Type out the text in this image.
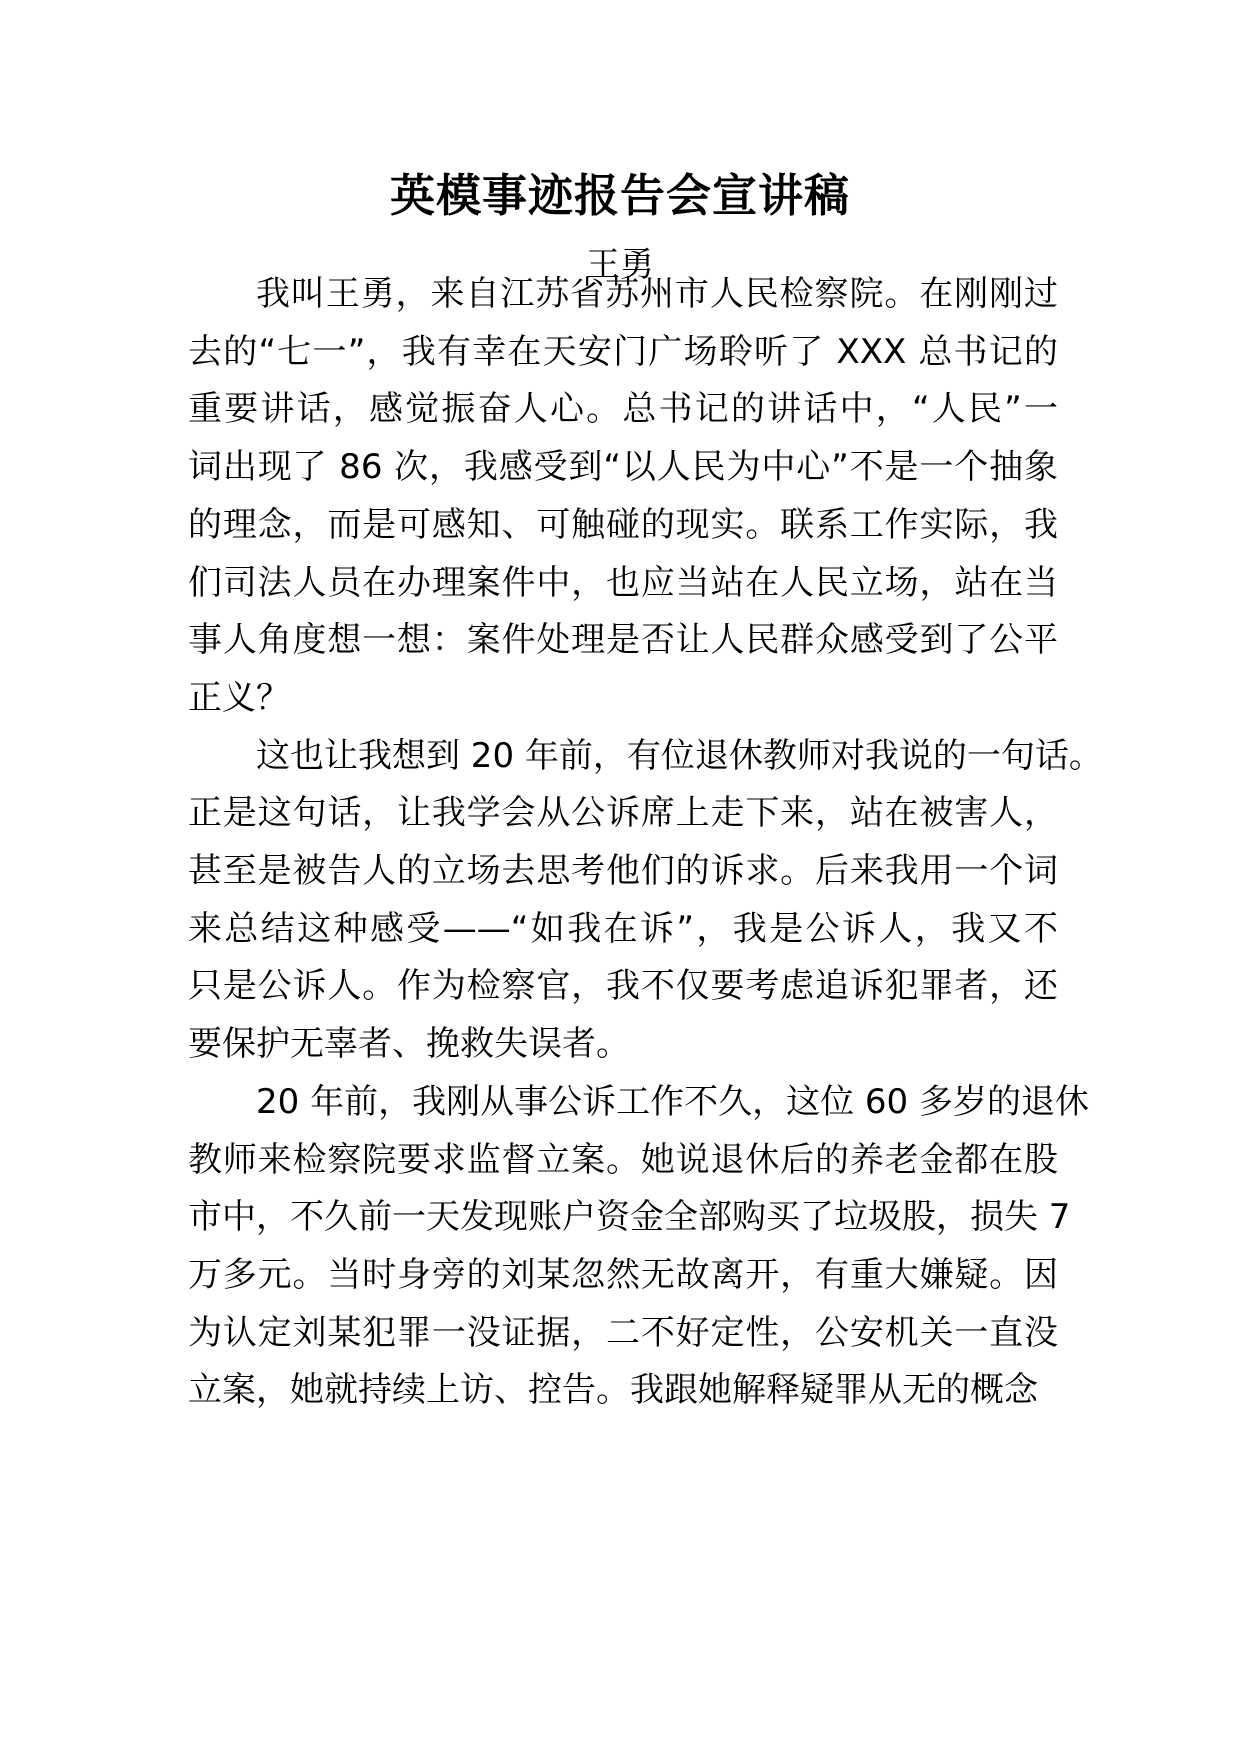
英模事迹报告会宣讲稿
王勇
我叫王勇，来自江苏省苏州市人民检察院。在刚刚过
去的“七一”，我有幸在天安门广场聆听了 XXX 总书记的
重要讲话，感觉振奋人心。总书记的讲话中，“人民”一
词出现了 86 次，我感受到“以人民为中心”不是一个抽象
的理念，而是可感知、可触碰的现实。联系工作实际，我
们司法人员在办理案件中，也应当站在人民立场，站在当
事人角度想一想：案件处理是否让人民群众感受到了公平
正义？
这也让我想到 20 年前，有位退休教师对我说的一句话。
正是这句话，让我学会从公诉席上走下来，站在被害人，
甚至是被告人的立场去思考他们的诉求。后来我用一个词
来总结这种感受——“如我在诉”，我是公诉人，我又不
只是公诉人。作为检察官，我不仅要考虑追诉犯罪者，还
要保护无辜者、挽救失误者。
20 年前，我刚从事公诉工作不久，这位 60 多岁的退休
教师来检察院要求监督立案。她说退休后的养老金都在股
市中，不久前一天发现账户资金全部购买了垃圾股，损失 7
万多元。当时身旁的刘某忽然无故离开，有重大嫌疑。因
为认定刘某犯罪一没证据，二不好定性，公安机关一直没
立案，她就持续上访、控告。我跟她解释疑罪从无的概念
